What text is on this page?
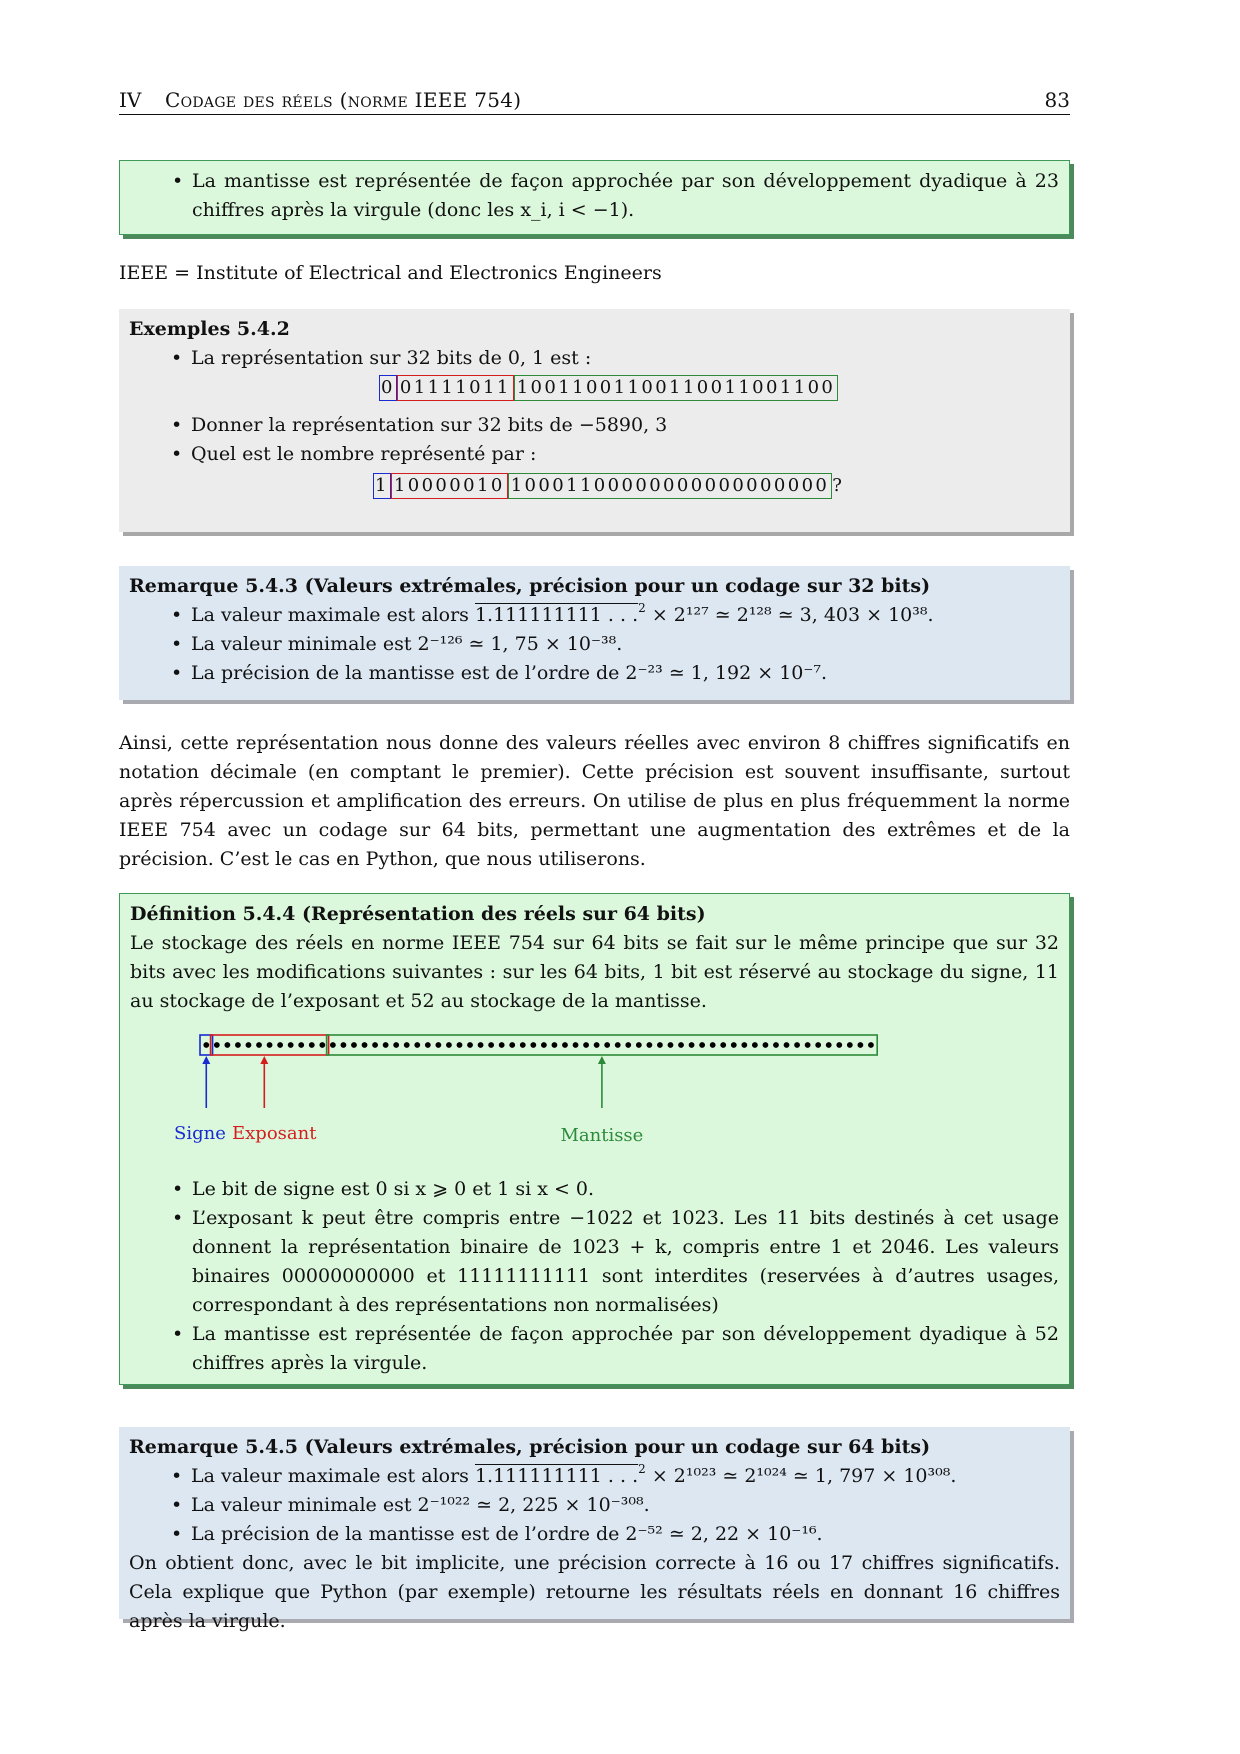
IV Codage des réels (norme IEEE 754)	83
• La mantisse est représentée de façon approchée par son développement dyadique à 23 chiffres après la virgule (donc les x_i, i < −1).
IEEE = Institute of Electrical and Electronics Engineers
Exemples 5.4.2
• La représentation sur 32 bits de 0, 1 est :
0 01111011 10011001100110011001100
• Donner la représentation sur 32 bits de −5890, 3
• Quel est le nombre représenté par :
1 10000010 10001100000000000000000 ?
Remarque 5.4.3 (Valeurs extrémales, précision pour un codage sur 32 bits)
• La valeur maximale est alors 1.111111111 . . .$^2$ × 2¹²⁷ ≃ 2¹²⁸ ≃ 3, 403 × 10³⁸.
• La valeur minimale est 2⁻¹²⁶ ≃ 1, 75 × 10⁻³⁸.
• La précision de la mantisse est de l’ordre de 2⁻²³ ≃ 1, 192 × 10⁻⁷.
Ainsi, cette représentation nous donne des valeurs réelles avec environ 8 chiffres significatifs en notation décimale (en comptant le premier). Cette précision est souvent insuffisante, surtout après répercussion et amplification des erreurs. On utilise de plus en plus fréquemment la norme IEEE 754 avec un codage sur 64 bits, permettant une augmentation des extrêmes et de la précision. C’est le cas en Python, que nous utiliserons.
Définition 5.4.4 (Représentation des réels sur 64 bits)
Le stockage des réels en norme IEEE 754 sur 64 bits se fait sur le même principe que sur 32 bits avec les modifications suivantes : sur les 64 bits, 1 bit est réservé au stockage du signe, 11 au stockage de l’exposant et 52 au stockage de la mantisse.
Signe Exposant	Mantisse
• Le bit de signe est 0 si x ⩾ 0 et 1 si x < 0.
• L’exposant k peut être compris entre −1022 et 1023. Les 11 bits destinés à cet usage donnent la représentation binaire de 1023 + k, compris entre 1 et 2046. Les valeurs binaires 00000000000 et 11111111111 sont interdites (reservées à d’autres usages, correspondant à des représentations non normalisées)
• La mantisse est représentée de façon approchée par son développement dyadique à 52 chiffres après la virgule.
Remarque 5.4.5 (Valeurs extrémales, précision pour un codage sur 64 bits)
• La valeur maximale est alors 1.111111111 . . .$^2$ × 2¹⁰²³ ≃ 2¹⁰²⁴ ≃ 1, 797 × 10³⁰⁸.
• La valeur minimale est 2⁻¹⁰²² ≃ 2, 225 × 10⁻³⁰⁸.
• La précision de la mantisse est de l’ordre de 2⁻⁵² ≃ 2, 22 × 10⁻¹⁶.
On obtient donc, avec le bit implicite, une précision correcte à 16 ou 17 chiffres significatifs. Cela explique que Python (par exemple) retourne les résultats réels en donnant 16 chiffres après la virgule.
